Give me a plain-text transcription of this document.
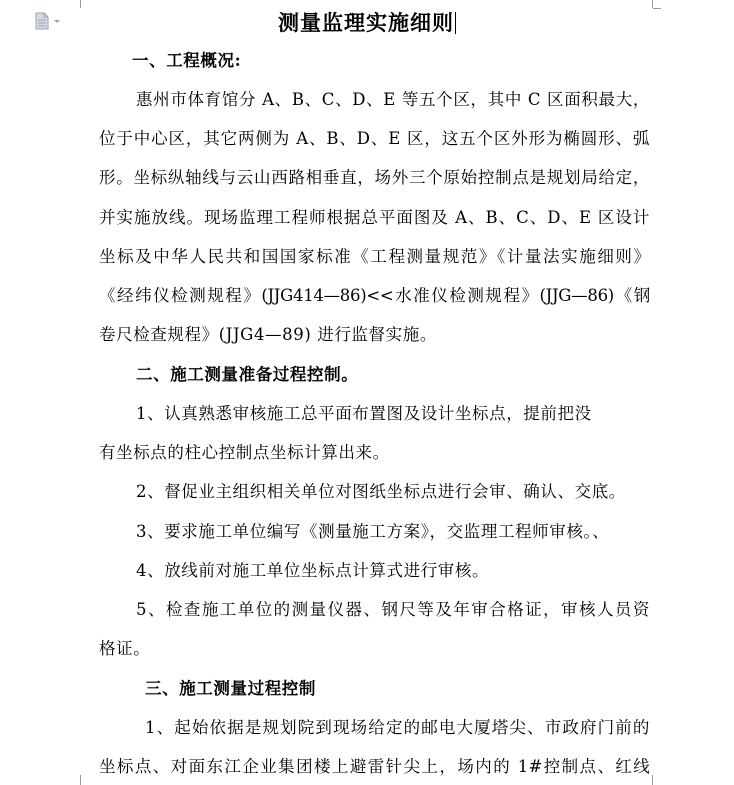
测量监理实施细则
一、工程概况:
惠州市体育馆分 A、B、C、D、E 等五个区，其中 C 区面积最大，
位于中心区，其它两侧为 A、B、D、E 区，这五个区外形为椭圆形、弧
形。坐标纵轴线与云山西路相垂直，场外三个原始控制点是规划局给定，
并实施放线。现场监理工程师根据总平面图及 A、B、C、D、E 区设计
坐标及中华人民共和国国家标准《工程测量规范》《计量法实施细则》
《经纬仪检测规程》(JJG414—86)<<水准仪检测规程》(JJG—86)《钢
卷尺检查规程》(JJG4—89) 进行监督实施。
二、施工测量准备过程控制。
1、认真熟悉审核施工总平面布置图及设计坐标点，提前把没
有坐标点的柱心控制点坐标计算出来。
2、督促业主组织相关单位对图纸坐标点进行会审、确认、交底。
3、要求施工单位编写《测量施工方案》，交监理工程师审核。、
4、放线前对施工单位坐标点计算式进行审核。
5、检查施工单位的测量仪器、钢尺等及年审合格证，审核人员资
格证。
三、施工测量过程控制
1、起始依据是规划院到现场给定的邮电大厦塔尖、市政府门前的
坐标点、对面东江企业集团楼上避雷针尖上，场内的 1#控制点、红线
